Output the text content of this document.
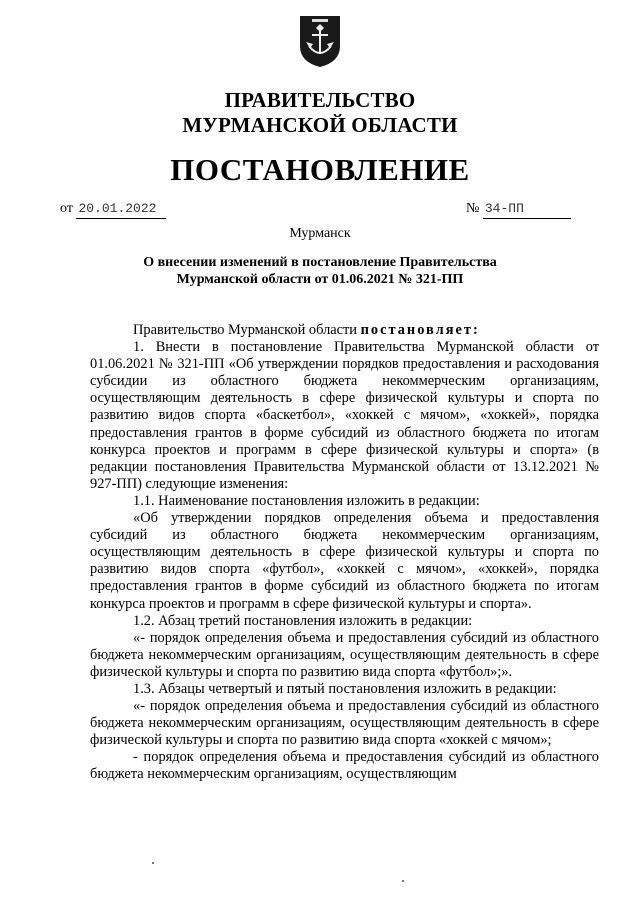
ПРАВИТЕЛЬСТВО
МУРМАНСКОЙ ОБЛАСТИ
ПОСТАНОВЛЕНИЕ
от 20.01.2022	№ 34-ПП
Мурманск
О внесении изменений в постановление Правительства
Мурманской области от 01.06.2021 № 321-ПП

Правительство Мурманской области постановляет:

1. Внести в постановление Правительства Мурманской области от 01.06.2021 № 321-ПП «Об утверждении порядков предоставления и расходования субсидии из областного бюджета некоммерческим организациям, осуществляющим деятельность в сфере физической культуры и спорта по развитию видов спорта «баскетбол», «хоккей с мячом», «хоккей», порядка предоставления грантов в форме субсидий из областного бюджета по итогам конкурса проектов и программ в сфере физической культуры и спорта» (в редакции постановления Правительства Мурманской области от 13.12.2021 № 927-ПП) следующие изменения:

1.1. Наименование постановления изложить в редакции:

«Об утверждении порядков определения объема и предоставления субсидий из областного бюджета некоммерческим организациям, осуществляющим деятельность в сфере физической культуры и спорта по развитию видов спорта «футбол», «хоккей с мячом», «хоккей», порядка предоставления грантов в форме субсидий из областного бюджета по итогам конкурса проектов и программ в сфере физической культуры и спорта».

1.2. Абзац третий постановления изложить в редакции:

«- порядок определения объема и предоставления субсидий из областного бюджета некоммерческим организациям, осуществляющим деятельность в сфере физической культуры и спорта по развитию вида спорта «футбол»;».

1.3. Абзацы четвертый и пятый постановления изложить в редакции:

«- порядок определения объема и предоставления субсидий из областного бюджета некоммерческим организациям, осуществляющим деятельность в сфере физической культуры и спорта по развитию вида спорта «хоккей с мячом»;

- порядок определения объема и предоставления субсидий из областного бюджета некоммерческим организациям, осуществляющим
